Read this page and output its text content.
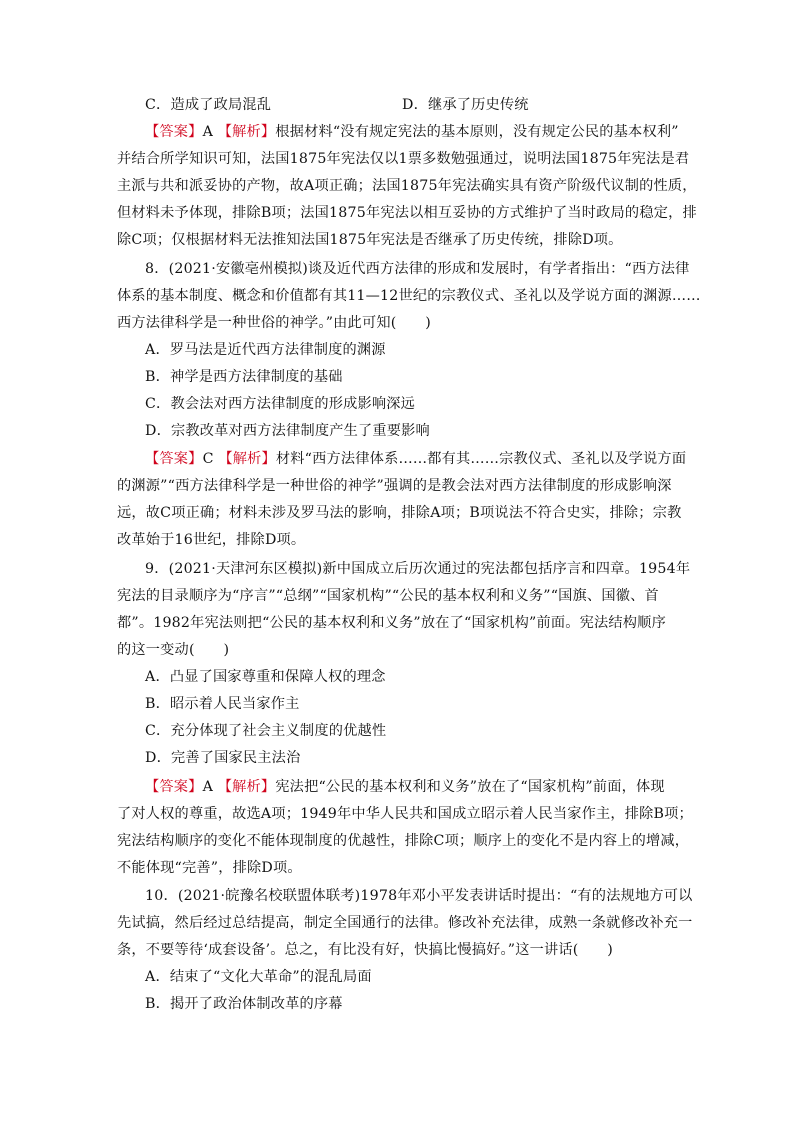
C．造成了政局混乱	D．继承了历史传统
【答案】A 【解析】根据材料“没有规定宪法的基本原则，没有规定公民的基本权利”
并结合所学知识可知，法国1875年宪法仅以1票多数勉强通过，说明法国1875年宪法是君
主派与共和派妥协的产物，故A项正确；法国1875年宪法确实具有资产阶级代议制的性质，
但材料未予体现，排除B项；法国1875年宪法以相互妥协的方式维护了当时政局的稳定，排
除C项；仅根据材料无法推知法国1875年宪法是否继承了历史传统，排除D项。
8．(2021·安徽亳州模拟)谈及近代西方法律的形成和发展时，有学者指出：“西方法律
体系的基本制度、概念和价值都有其11—12世纪的宗教仪式、圣礼以及学说方面的渊源……
西方法律科学是一种世俗的神学。”由此可知(　　)
A．罗马法是近代西方法律制度的渊源
B．神学是西方法律制度的基础
C．教会法对西方法律制度的形成影响深远
D．宗教改革对西方法律制度产生了重要影响
【答案】C 【解析】材料“西方法律体系……都有其……宗教仪式、圣礼以及学说方面
的渊源”“西方法律科学是一种世俗的神学”强调的是教会法对西方法律制度的形成影响深
远，故C项正确；材料未涉及罗马法的影响，排除A项；B项说法不符合史实，排除；宗教
改革始于16世纪，排除D项。
9．(2021·天津河东区模拟)新中国成立后历次通过的宪法都包括序言和四章。1954年
宪法的目录顺序为“序言”“总纲”“国家机构”“公民的基本权利和义务”“国旗、国徽、首
都”。1982年宪法则把“公民的基本权利和义务”放在了“国家机构”前面。宪法结构顺序
的这一变动(　　)
A．凸显了国家尊重和保障人权的理念
B．昭示着人民当家作主
C．充分体现了社会主义制度的优越性
D．完善了国家民主法治
【答案】A 【解析】宪法把“公民的基本权利和义务”放在了“国家机构”前面，体现
了对人权的尊重，故选A项；1949年中华人民共和国成立昭示着人民当家作主，排除B项；
宪法结构顺序的变化不能体现制度的优越性，排除C项；顺序上的变化不是内容上的增减，
不能体现“完善”，排除D项。
10．(2021·皖豫名校联盟体联考)1978年邓小平发表讲话时提出：“有的法规地方可以
先试搞，然后经过总结提高，制定全国通行的法律。修改补充法律，成熟一条就修改补充一
条，不要等待‘成套设备’。总之，有比没有好，快搞比慢搞好。”这一讲话(　　)
A．结束了“文化大革命”的混乱局面
B．揭开了政治体制改革的序幕
